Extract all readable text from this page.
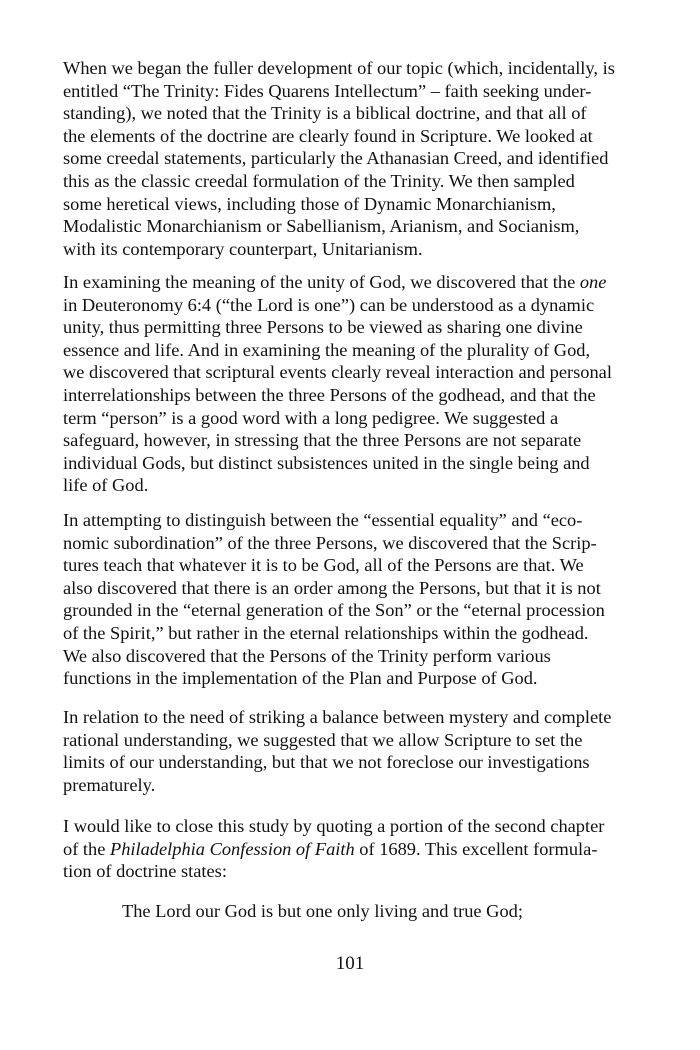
When we began the fuller development of our topic (which, incidentally, is
entitled “The Trinity: Fides Quarens Intellectum” – faith seeking under-
standing), we noted that the Trinity is a biblical doctrine, and that all of
the elements of the doctrine are clearly found in Scripture. We looked at
some creedal statements, particularly the Athanasian Creed, and identified
this as the classic creedal formulation of the Trinity. We then sampled
some heretical views, including those of Dynamic Monarchianism,
Modalistic Monarchianism or Sabellianism, Arianism, and Socianism,
with its contemporary counterpart, Unitarianism.

In examining the meaning of the unity of God, we discovered that the one
in Deuteronomy 6:4 (“the Lord is one”) can be understood as a dynamic
unity, thus permitting three Persons to be viewed as sharing one divine
essence and life. And in examining the meaning of the plurality of God,
we discovered that scriptural events clearly reveal interaction and personal
interrelationships between the three Persons of the godhead, and that the
term “person” is a good word with a long pedigree. We suggested a
safeguard, however, in stressing that the three Persons are not separate
individual Gods, but distinct subsistences united in the single being and
life of God.

In attempting to distinguish between the “essential equality” and “eco-
nomic subordination” of the three Persons, we discovered that the Scrip-
tures teach that whatever it is to be God, all of the Persons are that. We
also discovered that there is an order among the Persons, but that it is not
grounded in the “eternal generation of the Son” or the “eternal procession
of the Spirit,” but rather in the eternal relationships within the godhead.
We also discovered that the Persons of the Trinity perform various
functions in the implementation of the Plan and Purpose of God.

In relation to the need of striking a balance between mystery and complete
rational understanding, we suggested that we allow Scripture to set the
limits of our understanding, but that we not foreclose our investigations
prematurely.

I would like to close this study by quoting a portion of the second chapter
of the Philadelphia Confession of Faith of 1689. This excellent formula-
tion of doctrine states:

The Lord our God is but one only living and true God;

101
